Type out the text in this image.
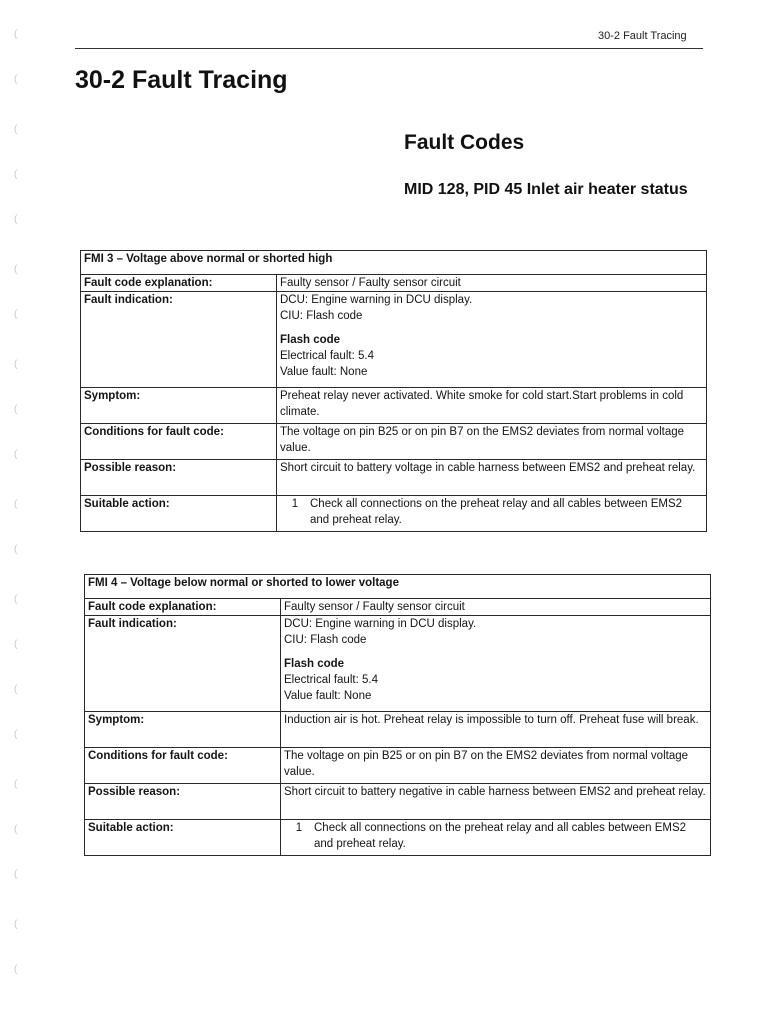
(
(
(
(
(
(
(
(
(
(
(
(
(
(
(
(
(
(
(
(
(
30-2 Fault Tracing
30-2 Fault Tracing
Fault Codes
MID 128, PID 45 Inlet air heater status
FMI 3 – Voltage above normal or shorted high	
Fault code explanation:	Faulty sensor / Faulty sensor circuit
Fault indication:	DCU: Engine warning in DCU display.
CIU: Flash code
Flash code
Electrical fault: 5.4
Value fault: None

Symptom:	Preheat relay never activated. White smoke for cold start.Start problems in cold climate.
Conditions for fault code:	The voltage on pin B25 or on pin B7 on the EMS2 deviates from normal voltage value.
Possible reason:	Short circuit to battery voltage in cable harness between EMS2 and preheat relay.
Suitable action:	1 Check all connections on the preheat relay and all cables between EMS2 and preheat relay.
FMI 4 – Voltage below normal or shorted to lower voltage	
Fault code explanation:	Faulty sensor / Faulty sensor circuit
Fault indication:	DCU: Engine warning in DCU display.
CIU: Flash code
Flash code
Electrical fault: 5.4
Value fault: None

Symptom:	Induction air is hot. Preheat relay is impossible to turn off. Preheat fuse will break.
Conditions for fault code:	The voltage on pin B25 or on pin B7 on the EMS2 deviates from normal voltage value.
Possible reason:	Short circuit to battery negative in cable harness between EMS2 and preheat relay.
Suitable action:	1 Check all connections on the preheat relay and all cables between EMS2 and preheat relay.
